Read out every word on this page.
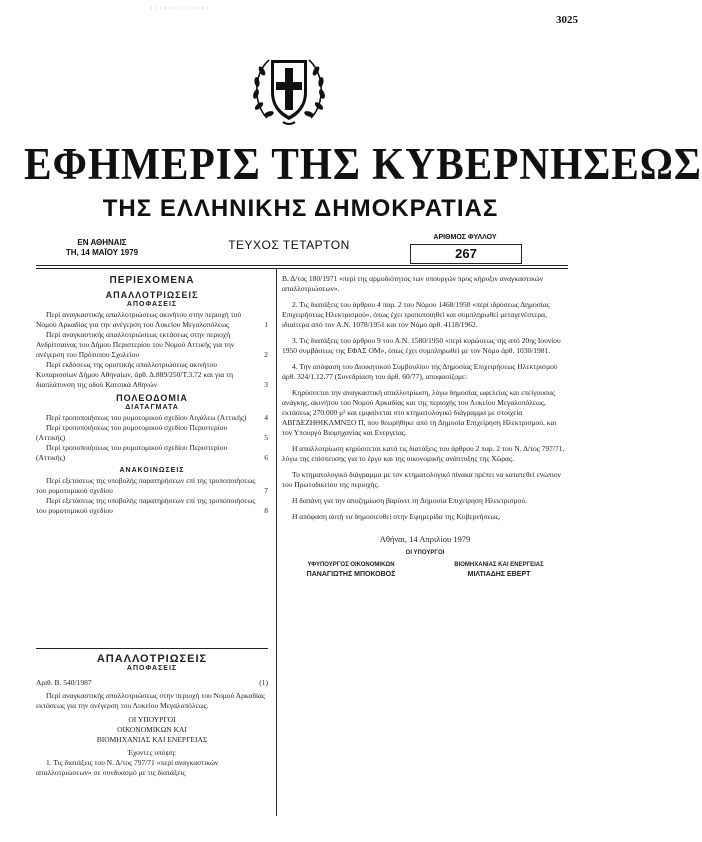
· · · · · · · · · · · · ·
3025
ΕΦΗΜΕΡΙΣ ΤΗΣ ΚΥΒΕΡΝΗΣΕΩΣ
ΤΗΣ ΕΛΛΗΝΙΚΗΣ ΔΗΜΟΚΡΑΤΙΑΣ
ΕΝ ΑΘΗΝΑΙΣ
ΤΗ, 14 ΜΑΪΟΥ 1979
ΤΕΥΧΟΣ ΤΕΤΑΡΤΟΝ
ΑΡΙΘΜΟΣ ΦΥΛΛΟΥ
267
ΠΕΡΙΕΧΟΜΕΝΑ
ΑΠΑΛΛΟΤΡΙΩΣΕΙΣ
ΑΠΟΦΑΣΕΙΣ
Περί αναγκαστικής απαλλοτριώσεως ακινήτου στην περιοχή τού Νομού Αρκαδίας για την ανέγερση του Λυκείου Μεγαλοπόλεως	1
Περί αναγκαστικής απαλλοτριώσεως εκτάσεως στην περιοχή Ανδρίτσαινας του Δήμου Περιστερίου του Νομού Αττικής για την ανέγερση του Πρότυπου Σχολείου	2
Περί εκδόσεως της οριστικής απαλλοτριώσεως ακινήτου Κυπαρισσίων Δήμου Αθηναίων, άρθ. Δ.889/250/Τ.3.72 και για τη διαπλάτυνση της οδού Κατσικά Αθηνών	3
ΠΟΛΕΟΔΟΜΙΑ
ΔΙΑΤΑΓΜΑΤΑ
Περί τροποποιήσεως του ρυμοτομικού σχεδίου Αιγάλεω (Αττικής)	4
Περί τροποποιήσεως του ρυμοτομικού σχεδίου Περιστερίου (Αττικής)	5
Περί τροποποιήσεως του ρυμοτομικού σχεδίου Περιστερίου (Αττικής)	6
ΑΝΑΚΟΙΝΩΣΕΙΣ
Περί εξετάσεως της υποβολής παρατηρήσεων επί της τροποποιήσεως του ρυμοτομικού σχεδίου	7
Περί εξετάσεως της υποβολής παρατηρήσεων επί της τροποποιήσεως του ρυμοτομικού σχεδίου	8
ΑΠΑΛΛΟΤΡΙΩΣΕΙΣ
ΑΠΟΦΑΣΕΙΣ
Αριθ. Β. 540/1987	(1)
Περί αναγκαστικής απαλλοτριώσεως στην περιοχή του Νομού Αρκαδίας εκτάσεως για την ανέγερση του Λυκείου Μεγαλοπόλεως.
ΟΙ ΥΠΟΥΡΓΟΙ
ΟΙΚΟΝΟΜΙΚΩΝ ΚΑΙ
ΒΙΟΜΗΧΑΝΙΑΣ ΚΑΙ ΕΝΕΡΓΕΙΑΣ
Έχοντες υπόψη:
1. Τις διατάξεις του Ν. Δ/τος 797/71 «περί αναγκαστικών απαλλοτριώσεων» σε συνδυασμό με τις διατάξεις
Β. Δ/τος 180/1971 «περί της αρμοδιότητος των υπουργών προς κήρυξιν αναγκαστικών απαλλοτριώσεων».
2. Τις διατάξεις του άρθρου 4 παρ. 2 του Νόμου 1468/1950 «περί ιδρύσεως Δημοσίας Επιχειρήσεως Ηλεκτρισμού», όπως έχει τροποποιηθεί και συμπληρωθεί μεταγενέστερα, ιδιαίτερα από τον Α.Ν. 1078/1951 και τον Νόμο άρθ. 4118/1962.
3. Τις διατάξεις του άρθρου 9 του Α.Ν. 1580/1950 «περί κυρώσεως της από 20ης Ιουνίου 1950 συμβάσεως της ΕΦΑΣ ΟΜ», όπως έχει συμπληρωθεί με τον Νόμο άρθ. 1030/1981.
4. Την απόφαση του Διοικητικού Συμβουλίου της Δημοσίας Επιχειρήσεως Ηλεκτρισμού άρθ. 324/1.12.77 (Συνεδρίαση του άρθ. 60/77), αποφασίζομε:
Κηρύσσεται την αναγκαστική απαλλοτρίωση, λόγω δημοσίας ωφελείας και επείγουσας ανάγκης, ακινήτου του Νομού Αρκαδίας και της περιοχής του Λυκείου Μεγαλοπόλεως, εκτάσεως 270.000 μ² και εμφαίνεται στο κτηματολογικό διάγραμμα με στοιχεία ΑΒΓΔΕΖΗΘΙΚΛΜΝΞΟ Π, που θεωρήθηκε από τη Δημοσία Επιχείρηση Ηλεκτρισμού, και τον Υπουργό Βιομηχανίας και Ενεργείας.
Η απαλλοτρίωση κηρύσσεται κατά τις διατάξεις του άρθρου 2 παρ. 2 του Ν. Δ/τος 797/71, λόγω της επίσπευσης για το έργο και της οικονομικής ανάπτυξης της Χώρας.
Το κτηματολογικό διάγραμμα με τον κτηματολογικό πίνακα πρέπει να κατατεθεί ενώπιον του Πρωτοδικείου της περιοχής.
Η δαπάνη για την αποζημίωση βαρύνει τη Δημοσία Επιχείρηση Ηλεκτρισμού.
Η απόφαση αυτή να δημοσιευθεί στην Εφημερίδα της Κυβερνήσεως.
Αθήναι, 14 Απριλίου 1979
ΟΙ ΥΠΟΥΡΓΟΙ
ΥΦΥΠΟΥΡΓΟΣ ΟΙΚΟΝΟΜΙΚΩΝ
ΠΑΝΑΓΙΩΤΗΣ ΜΠΟΚΟΒΟΣ
ΒΙΟΜΗΧΑΝΙΑΣ ΚΑΙ ΕΝΕΡΓΕΙΑΣ
ΜΙΛΤΙΑΔΗΣ ΕΒΕΡΤ
